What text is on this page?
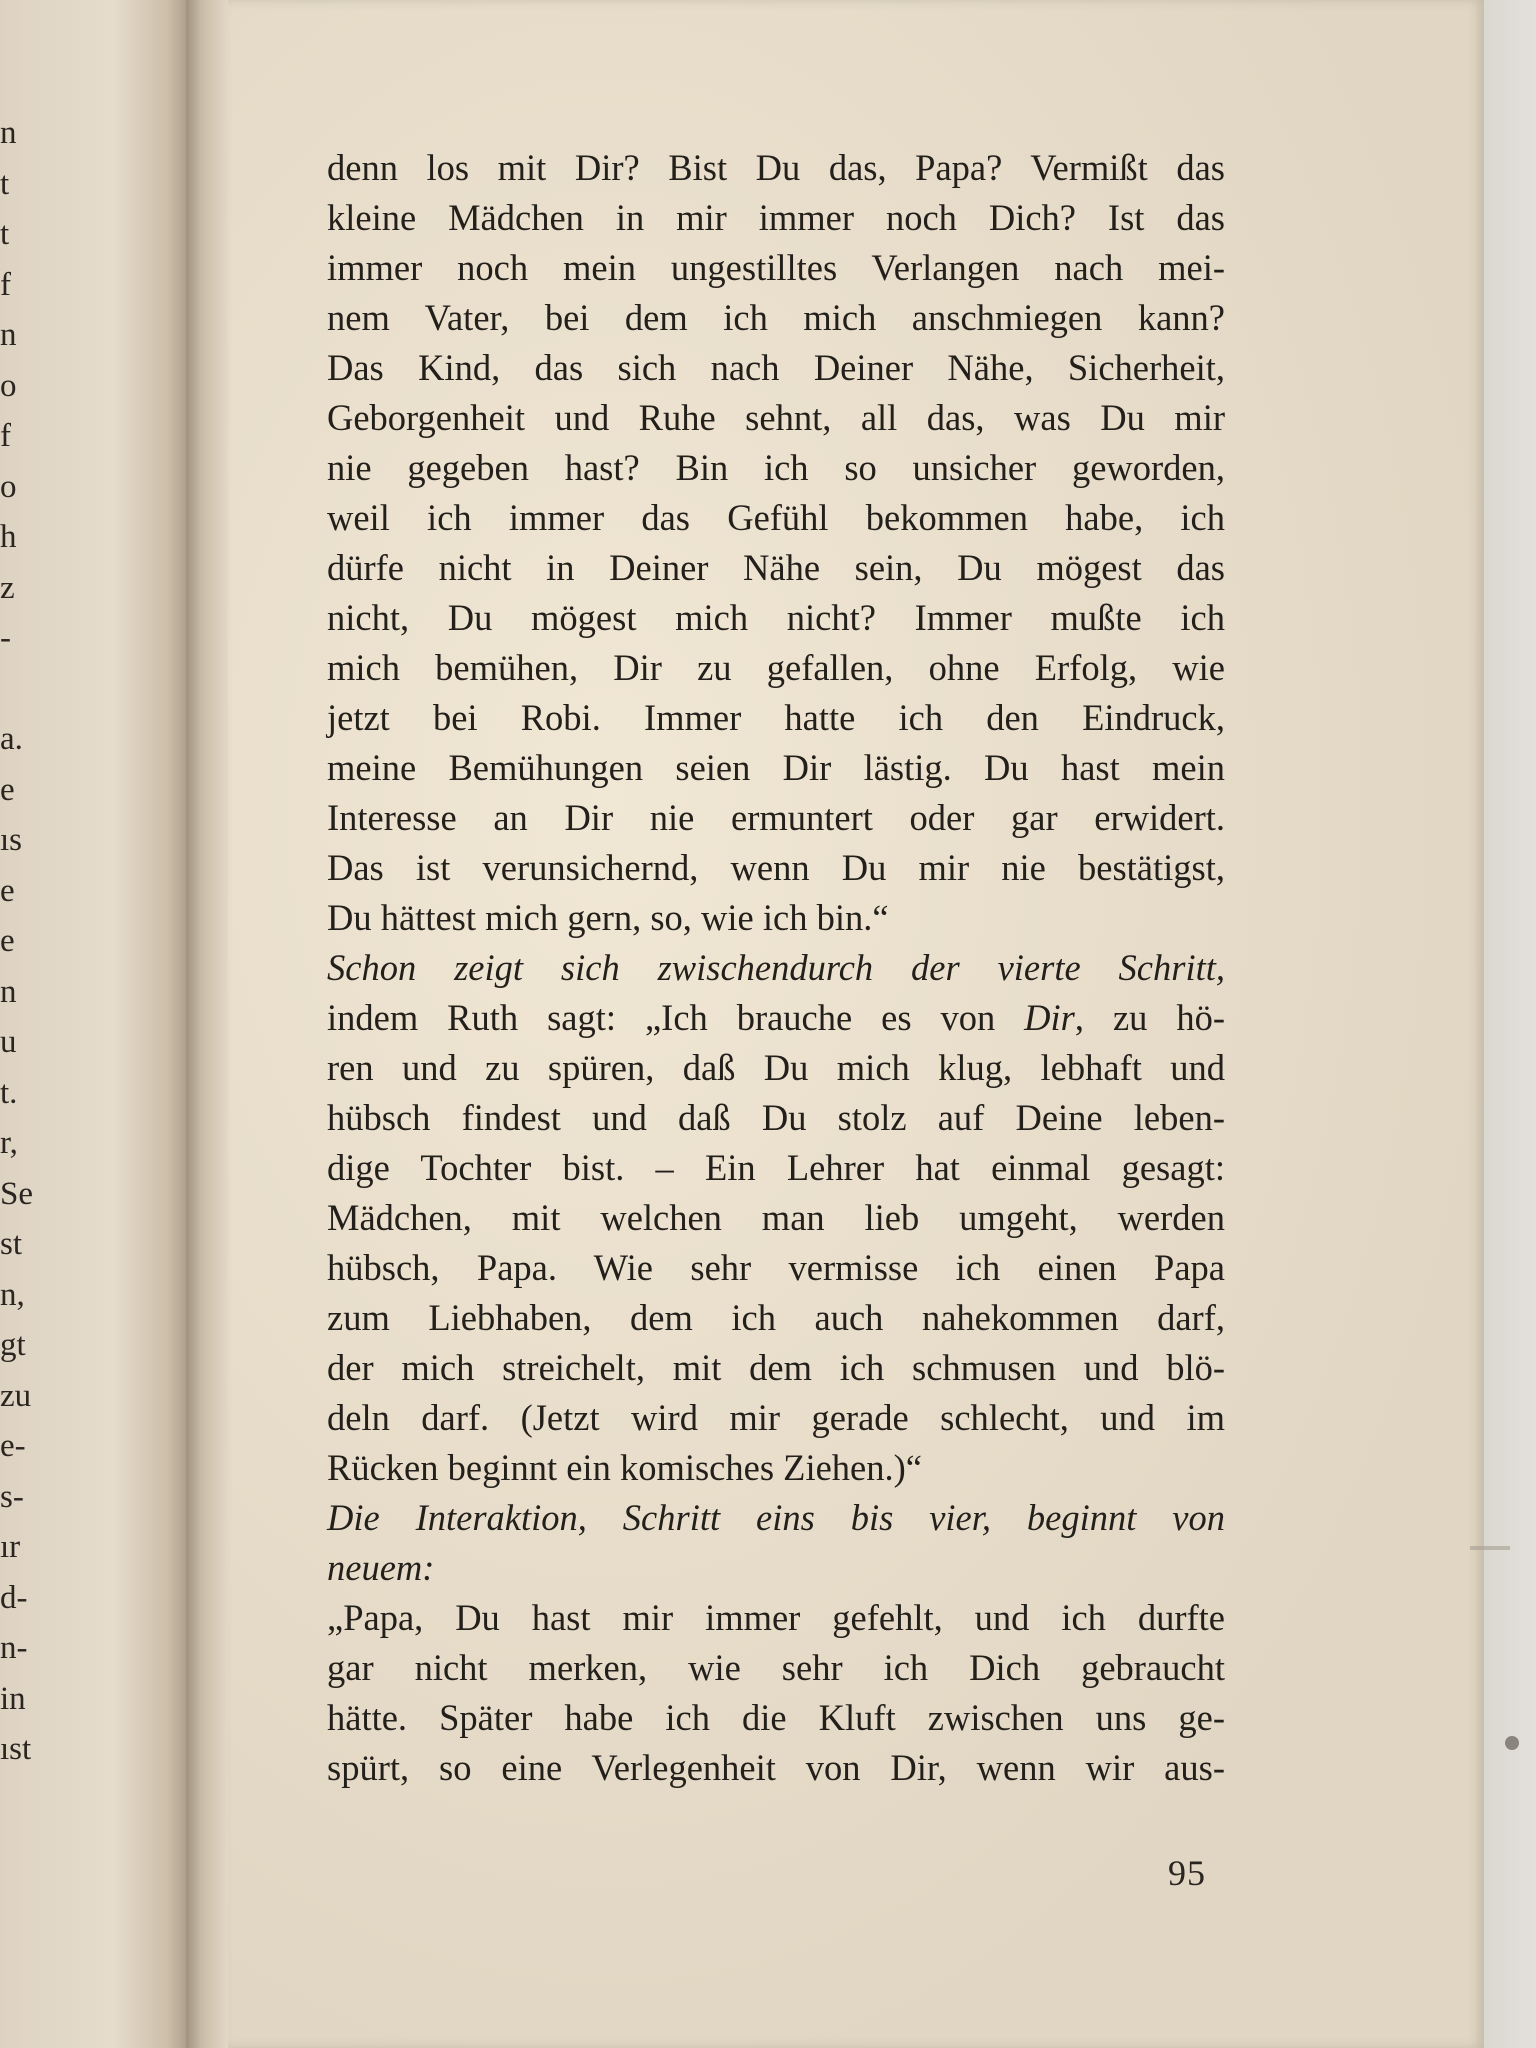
n
t
t
f
n
o
f
o
h
z
-
a.
e
ıs
e
e
n
u
t.
r,
Se
st
n,
gt
zu
e-
s-
ır
d-
n-
in
ıst
denn los mit Dir? Bist Du das, Papa? Vermißt das
kleine Mädchen in mir immer noch Dich? Ist das
immer noch mein ungestilltes Verlangen nach mei-
nem Vater, bei dem ich mich anschmiegen kann?
Das Kind, das sich nach Deiner Nähe, Sicherheit,
Geborgenheit und Ruhe sehnt, all das, was Du mir
nie gegeben hast? Bin ich so unsicher geworden,
weil ich immer das Gefühl bekommen habe, ich
dürfe nicht in Deiner Nähe sein, Du mögest das
nicht, Du mögest mich nicht? Immer mußte ich
mich bemühen, Dir zu gefallen, ohne Erfolg, wie
jetzt bei Robi. Immer hatte ich den Eindruck,
meine Bemühungen seien Dir lästig. Du hast mein
Interesse an Dir nie ermuntert oder gar erwidert.
Das ist verunsichernd, wenn Du mir nie bestätigst,
Du hättest mich gern, so, wie ich bin.“
Schon zeigt sich zwischendurch der vierte Schritt,
indem Ruth sagt: „Ich brauche es von Dir, zu hö-
ren und zu spüren, daß Du mich klug, lebhaft und
hübsch findest und daß Du stolz auf Deine leben-
dige Tochter bist. – Ein Lehrer hat einmal gesagt:
Mädchen, mit welchen man lieb umgeht, werden
hübsch, Papa. Wie sehr vermisse ich einen Papa
zum Liebhaben, dem ich auch nahekommen darf,
der mich streichelt, mit dem ich schmusen und blö-
deln darf. (Jetzt wird mir gerade schlecht, und im
Rücken beginnt ein komisches Ziehen.)“
Die Interaktion, Schritt eins bis vier, beginnt von
neuem:
„Papa, Du hast mir immer gefehlt, und ich durfte
gar nicht merken, wie sehr ich Dich gebraucht
hätte. Später habe ich die Kluft zwischen uns ge-
spürt, so eine Verlegenheit von Dir, wenn wir aus-
95
